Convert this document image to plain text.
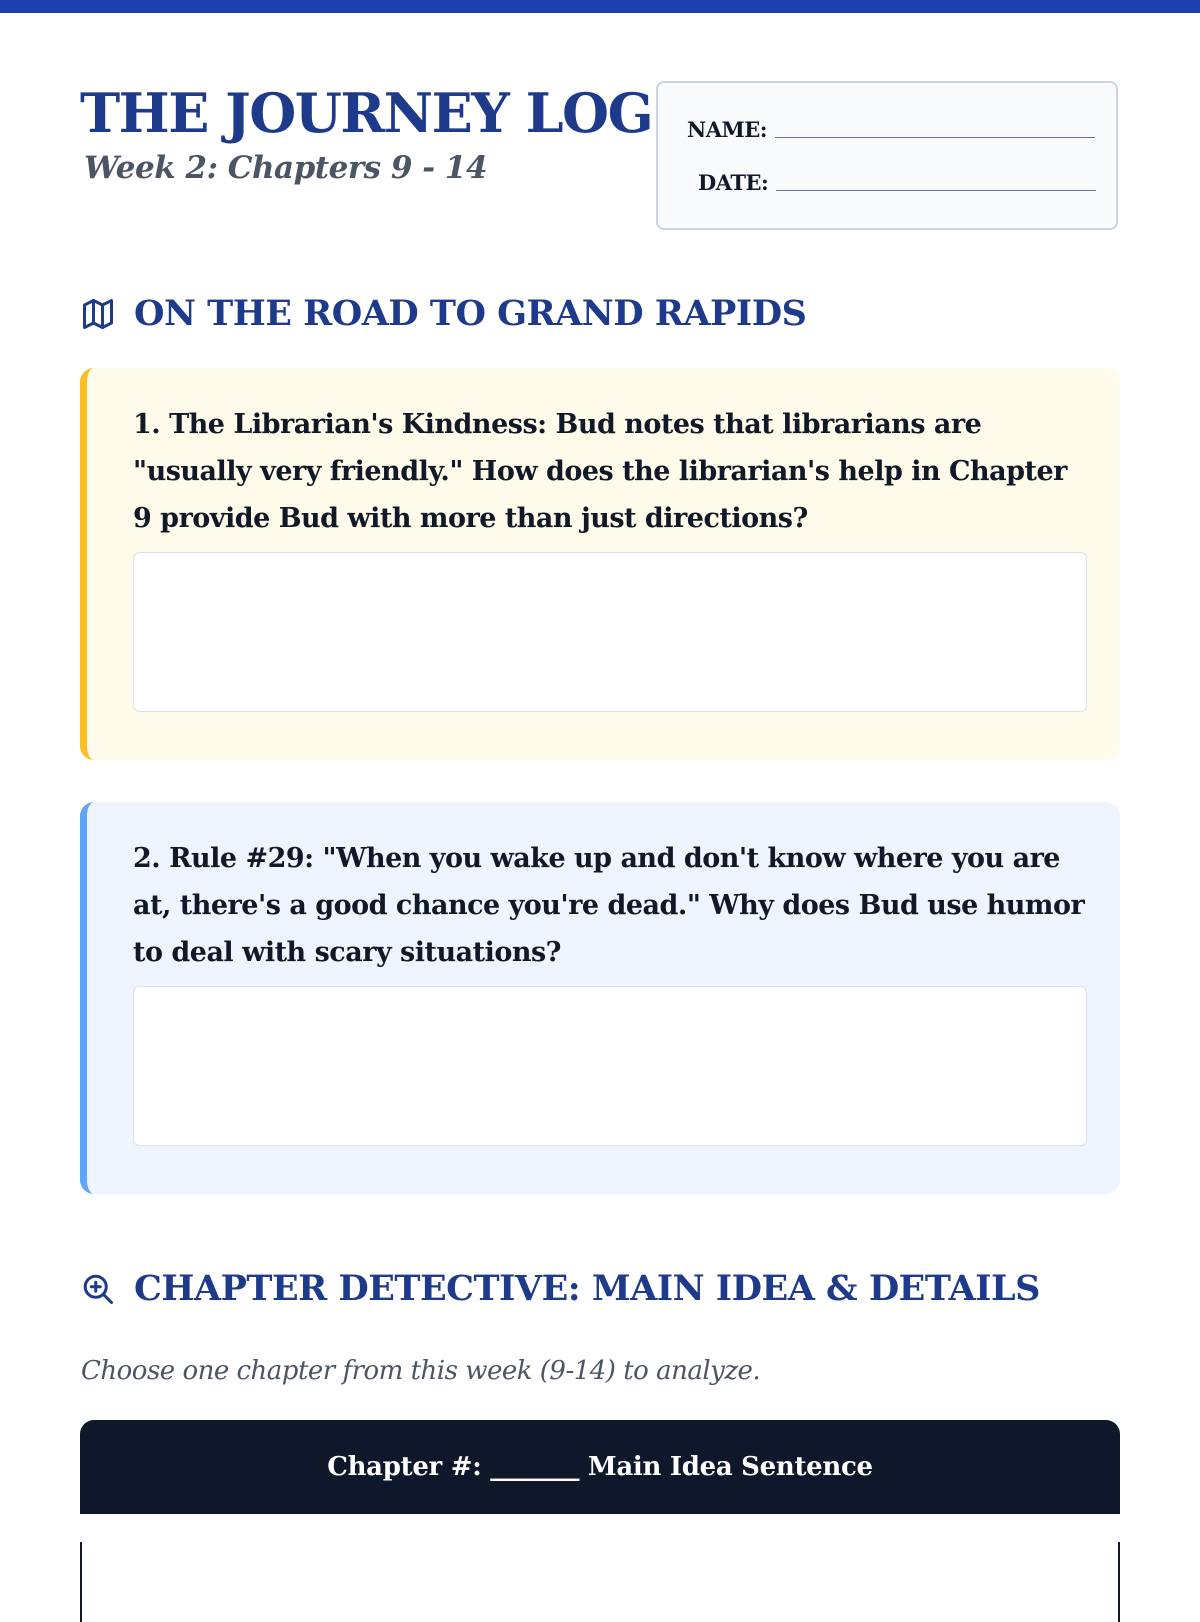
THE JOURNEY LOG
Week 2: Chapters 9 - 14
NAME:
DATE:
ON THE ROAD TO GRAND RAPIDS

1. The Librarian's Kindness: Bud notes that librarians are "usually very friendly." How does the librarian's help in Chapter 9 provide Bud with more than just directions?

2. Rule #29: "When you wake up and don't know where you are at, there's a good chance you're dead." Why does Bud use humor to deal with scary situations?

CHAPTER DETECTIVE: MAIN IDEA & DETAILS
Choose one chapter from this week (9-14) to analyze.
Chapter #: _______ Main Idea Sentence
